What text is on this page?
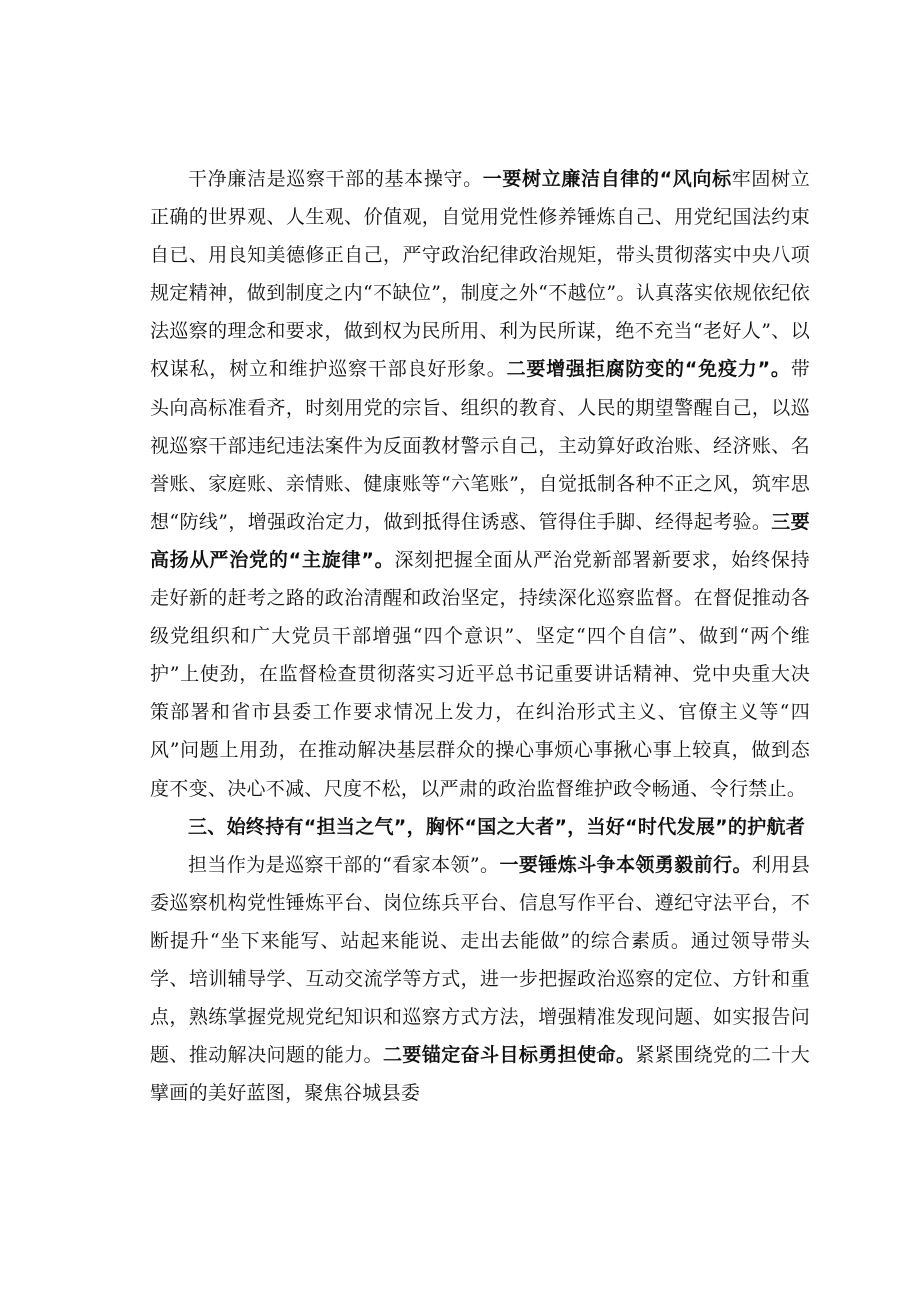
干净廉洁是巡察干部的基本操守。一要树立廉洁自律的“风向标牢固树立正确的世界观、人生观、价值观，自觉用党性修养锤炼自己、用党纪国法约束自已、用良知美德修正自己，严守政治纪律政治规矩，带头贯彻落实中央八项规定精神，做到制度之内“不缺位”，制度之外“不越位”。认真落实依规依纪依法巡察的理念和要求，做到权为民所用、利为民所谋，绝不充当“老好人”、以权谋私，树立和维护巡察干部良好形象。二要增强拒腐防变的“免疫力”。带头向高标准看齐，时刻用党的宗旨、组织的教育、人民的期望警醒自己，以巡视巡察干部违纪违法案件为反面教材警示自己，主动算好政治账、经济账、名誉账、家庭账、亲情账、健康账等“六笔账”，自觉抵制各种不正之风，筑牢思想“防线”，增强政治定力，做到抵得住诱惑、管得住手脚、经得起考验。三要高扬从严治党的“主旋律”。深刻把握全面从严治党新部署新要求，始终保持走好新的赶考之路的政治清醒和政治坚定，持续深化巡察监督。在督促推动各级党组织和广大党员干部增强“四个意识”、坚定“四个自信”、做到“两个维护”上使劲，在监督检查贯彻落实习近平总书记重要讲话精神、党中央重大决策部署和省市县委工作要求情况上发力，在纠治形式主义、官僚主义等“四风”问题上用劲，在推动解决基层群众的操心事烦心事揪心事上较真，做到态度不变、决心不减、尺度不松，以严肃的政治监督维护政令畅通、令行禁止。

三、始终持有“担当之气”，胸怀“国之大者”，当好“时代发展”的护航者

担当作为是巡察干部的“看家本领”。一要锤炼斗争本领勇毅前行。利用县委巡察机构党性锤炼平台、岗位练兵平台、信息写作平台、遵纪守法平台，不断提升“坐下来能写、站起来能说、走出去能做”的综合素质。通过领导带头学、培训辅导学、互动交流学等方式，进一步把握政治巡察的定位、方针和重点，熟练掌握党规党纪知识和巡察方式方法，增强精准发现问题、如实报告问题、推动解决问题的能力。二要锚定奋斗目标勇担使命。紧紧围绕党的二十大擘画的美好蓝图，聚焦谷城县委
